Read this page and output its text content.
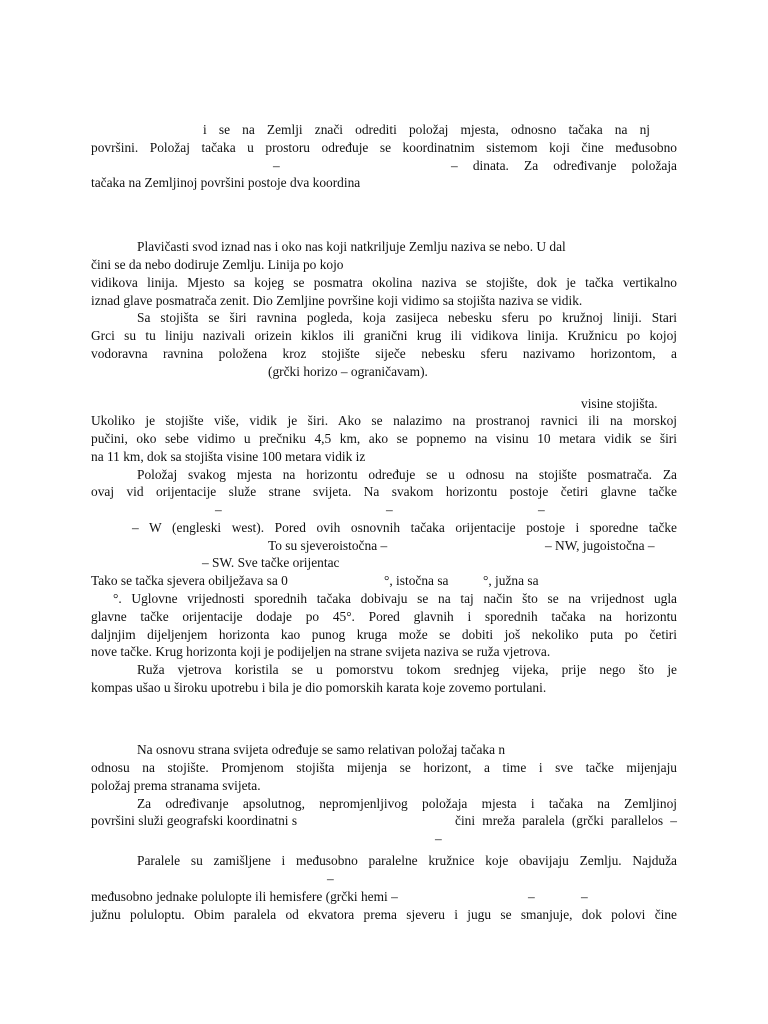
i se na Zemlji znači odrediti položaj mjesta, odnosno tačaka na nj
površini. Položaj tačaka u prostoru određuje se koordinatnim sistemom koji čine međusobno
–	– dinata. Za određivanje položaja
tačaka na Zemljinoj površini postoje dva koordina
Plavičasti svod iznad nas i oko nas koji natkriljuje Zemlju naziva se nebo. U dal
čini se da nebo dodiruje Zemlju. Linija po kojo
vidikova linija. Mjesto sa kojeg se posmatra okolina naziva se stojište, dok je tačka vertikalno
iznad glave posmatrača zenit. Dio Zemljine površine koji vidimo sa stojišta naziva se vidik.
Sa stojišta se širi ravnina pogleda, koja zasijeca nebesku sferu po kružnoj liniji. Stari
Grci su tu liniju nazivali orizein kiklos ili granični krug ili vidikova linija. Kružnicu po kojoj
vodoravna ravnina položena kroz stojište siječe nebesku sferu nazivamo horizontom, a
(grčki horizo – ograničavam).
visine stojišta.
Ukoliko je stojište više, vidik je širi. Ako se nalazimo na prostranoj ravnici ili na morskoj
pučini, oko sebe vidimo u prečniku 4,5 km, ako se popnemo na visinu 10 metara vidik se širi
na 11 km, dok sa stojišta visine 100 metara vidik iz
Položaj svakog mjesta na horizontu određuje se u odnosu na stojište posmatrača. Za
ovaj vid orijentacije služe strane svijeta. Na svakom horizontu postoje četiri glavne tačke
–	–	–
– W (engleski west). Pored ovih osnovnih tačaka orijentacije postoje i sporedne tačke
To su sjeveroistočna –	– NW, jugoistočna –
– SW. Sve tačke orijentac
Tako se tačka sjevera obilježava sa 0	°, istočna sa	°, južna sa
°. Uglovne vrijednosti sporednih tačaka dobivaju se na taj način što se na vrijednost ugla
glavne tačke orijentacije dodaje po 45°. Pored glavnih i sporednih tačaka na horizontu
daljnjim dijeljenjem horizonta kao punog kruga može se dobiti još nekoliko puta po četiri
nove tačke. Krug horizonta koji je podijeljen na strane svijeta naziva se ruža vjetrova.
Ruža vjetrova koristila se u pomorstvu tokom srednjeg vijeka, prije nego što je
kompas ušao u široku upotrebu i bila je dio pomorskih karata koje zovemo portulani.
Na osnovu strana svijeta određuje se samo relativan položaj tačaka n
odnosu na stojište. Promjenom stojišta mijenja se horizont, a time i sve tačke mijenjaju
položaj prema stranama svijeta.
Za određivanje apsolutnog, nepromjenljivog položaja mjesta i tačaka na Zemljinoj
površini služi geografski koordinatni s	čini mreža paralela (grčki parallelos –
–
Paralele su zamišljene i međusobno paralelne kružnice koje obavijaju Zemlju. Najduža
–
međusobno jednake polulopte ili hemisfere (grčki hemi –	–	–
južnu polulopt​u. Obim paralela od ekvatora prema sjeveru i jugu se smanjuje, dok polovi čine
